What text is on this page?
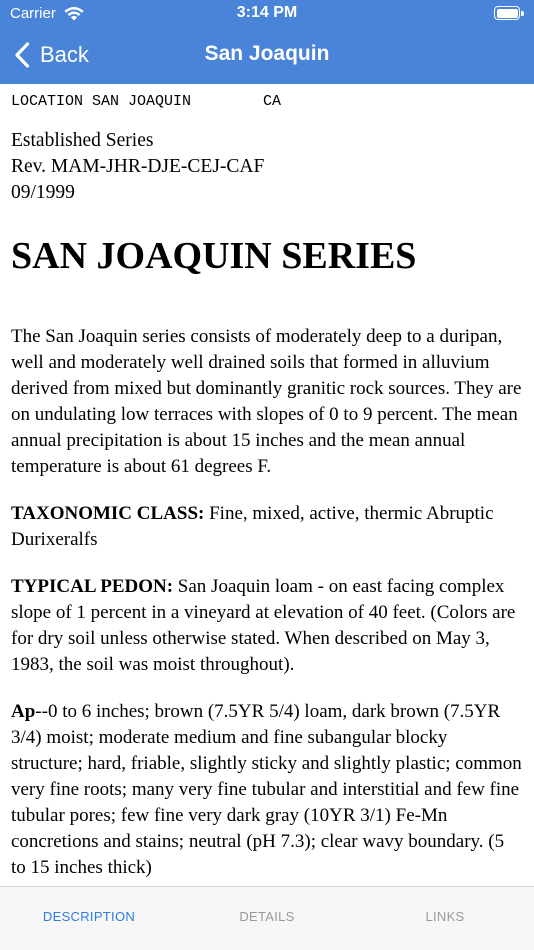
Carrier	3:14 PM
Back	San Joaquin
LOCATION SAN JOAQUIN        CA
Established Series
Rev. MAM-JHR-DJE-CEJ-CAF
09/1999
SAN JOAQUIN SERIES

The San Joaquin series consists of moderately deep to a duripan, well and moderately well drained soils that formed in alluvium derived from mixed but dominantly granitic rock sources. They are on undulating low terraces with slopes of 0 to 9 percent. The mean annual precipitation is about 15 inches and the mean annual temperature is about 61 degrees F.

TAXONOMIC CLASS: Fine, mixed, active, thermic Abruptic Durixeralfs

TYPICAL PEDON: San Joaquin loam - on east facing complex slope of 1 percent in a vineyard at elevation of 40 feet. (Colors are for dry soil unless otherwise stated. When described on May 3, 1983, the soil was moist throughout).

Ap--0 to 6 inches; brown (7.5YR 5/4) loam, dark brown (7.5YR 3/4) moist; moderate medium and fine subangular blocky structure; hard, friable, slightly sticky and slightly plastic; common very fine roots; many very fine tubular and interstitial and few fine tubular pores; few fine very dark gray (10YR 3/1) Fe-Mn concretions and stains; neutral (pH 7.3); clear wavy boundary. (5 to 15 inches thick)

DESCRIPTION	DETAILS	LINKS
